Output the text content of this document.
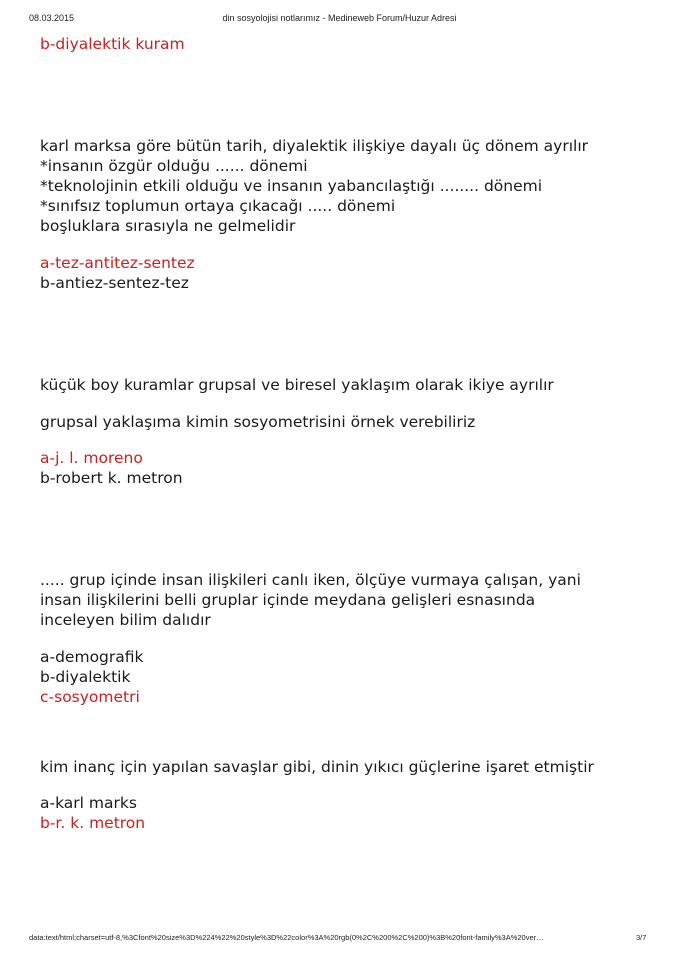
08.03.2015	din sosyolojisi notlarımız - Medineweb Forum/Huzur Adresi
b-diyalektik kuram
karl marksa göre bütün tarih, diyalektik ilişkiye dayalı üç dönem ayrılır
*insanın özgür olduğu ...... dönemi
*teknolojinin etkili olduğu ve insanın yabancılaştığı ........ dönemi
*sınıfsız toplumun ortaya çıkacağı ..... dönemi
boşluklara sırasıyla ne gelmelidir
a-tez-antitez-sentez
b-antiez-sentez-tez
küçük boy kuramlar grupsal ve biresel yaklaşım olarak ikiye ayrılır
grupsal yaklaşıma kimin sosyometrisini örnek verebiliriz
a-j. l. moreno
b-robert k. metron
..... grup içinde insan ilişkileri canlı iken, ölçüye vurmaya çalışan, yani
insan ilişkilerini belli gruplar içinde meydana gelişleri esnasında
inceleyen bilim dalıdır
a-demografik
b-diyalektik
c-sosyometri
kim inanç için yapılan savaşlar gibi, dinin yıkıcı güçlerine işaret etmiştir
a-karl marks
b-r. k. metron
data:text/html;charset=utf-8,%3Cfont%20size%3D%224%22%20style%3D%22color%3A%20rgb(0%2C%200%2C%200)%3B%20font-family%3A%20ver…	3/7
